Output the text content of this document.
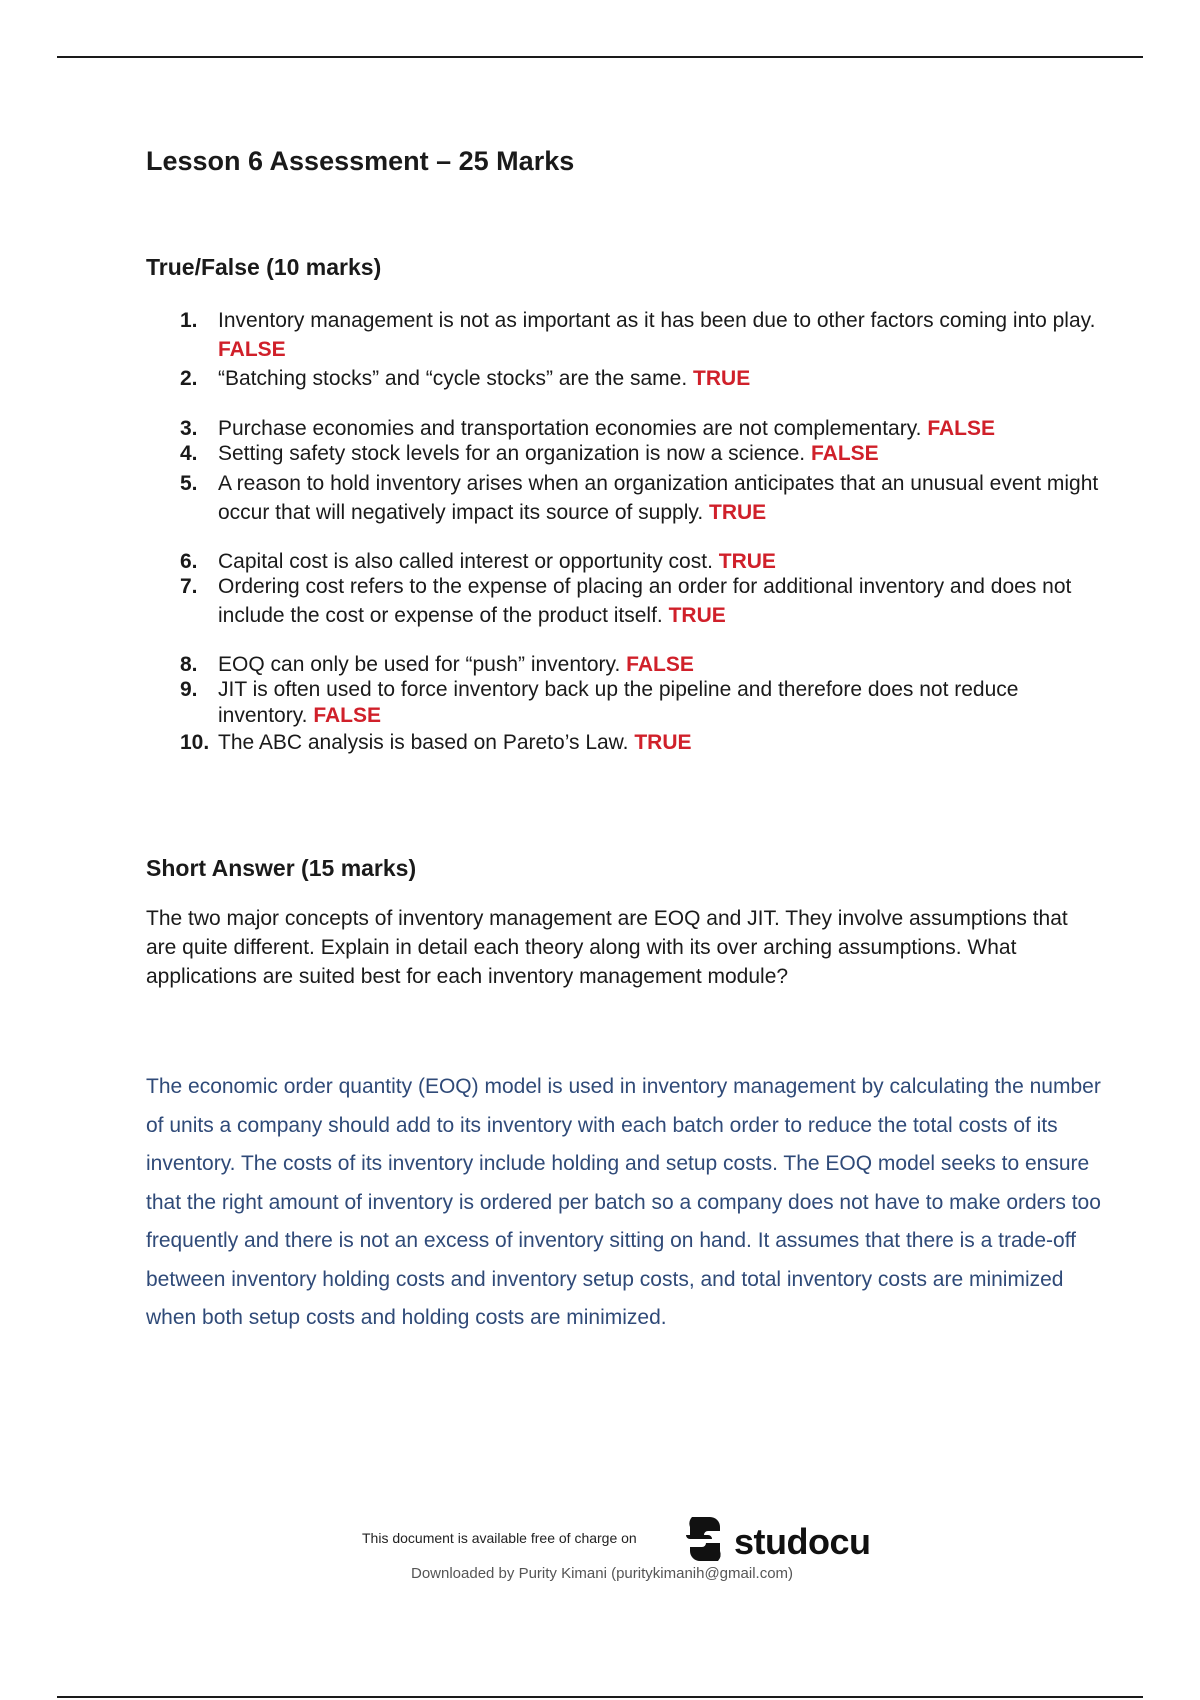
Lesson 6 Assessment – 25 Marks
True/False (10 marks)
1. Inventory management is not as important as it has been due to other factors coming into play. FALSE
2. “Batching stocks” and “cycle stocks” are the same. TRUE
3. Purchase economies and transportation economies are not complementary. FALSE
4. Setting safety stock levels for an organization is now a science. FALSE
5. A reason to hold inventory arises when an organization anticipates that an unusual event might occur that will negatively impact its source of supply. TRUE
6. Capital cost is also called interest or opportunity cost. TRUE
7. Ordering cost refers to the expense of placing an order for additional inventory and does not include the cost or expense of the product itself. TRUE
8. EOQ can only be used for “push” inventory. FALSE
9. JIT is often used to force inventory back up the pipeline and therefore does not reduce inventory. FALSE
10. The ABC analysis is based on Pareto’s Law. TRUE
Short Answer (15 marks)

The two major concepts of inventory management are EOQ and JIT. They involve assumptions that are quite different. Explain in detail each theory along with its over arching assumptions. What applications are suited best for each inventory management module?

The economic order quantity (EOQ) model is used in inventory management by calculating the number of units a company should add to its inventory with each batch order to reduce the total costs of its inventory. The costs of its inventory include holding and setup costs. The EOQ model seeks to ensure that the right amount of inventory is ordered per batch so a company does not have to make orders too frequently and there is not an excess of inventory sitting on hand. It assumes that there is a trade-off between inventory holding costs and inventory setup costs, and total inventory costs are minimized when both setup costs and holding costs are minimized.

This document is available free of charge on	studocu
Downloaded by Purity Kimani (puritykimanih@gmail.com)
